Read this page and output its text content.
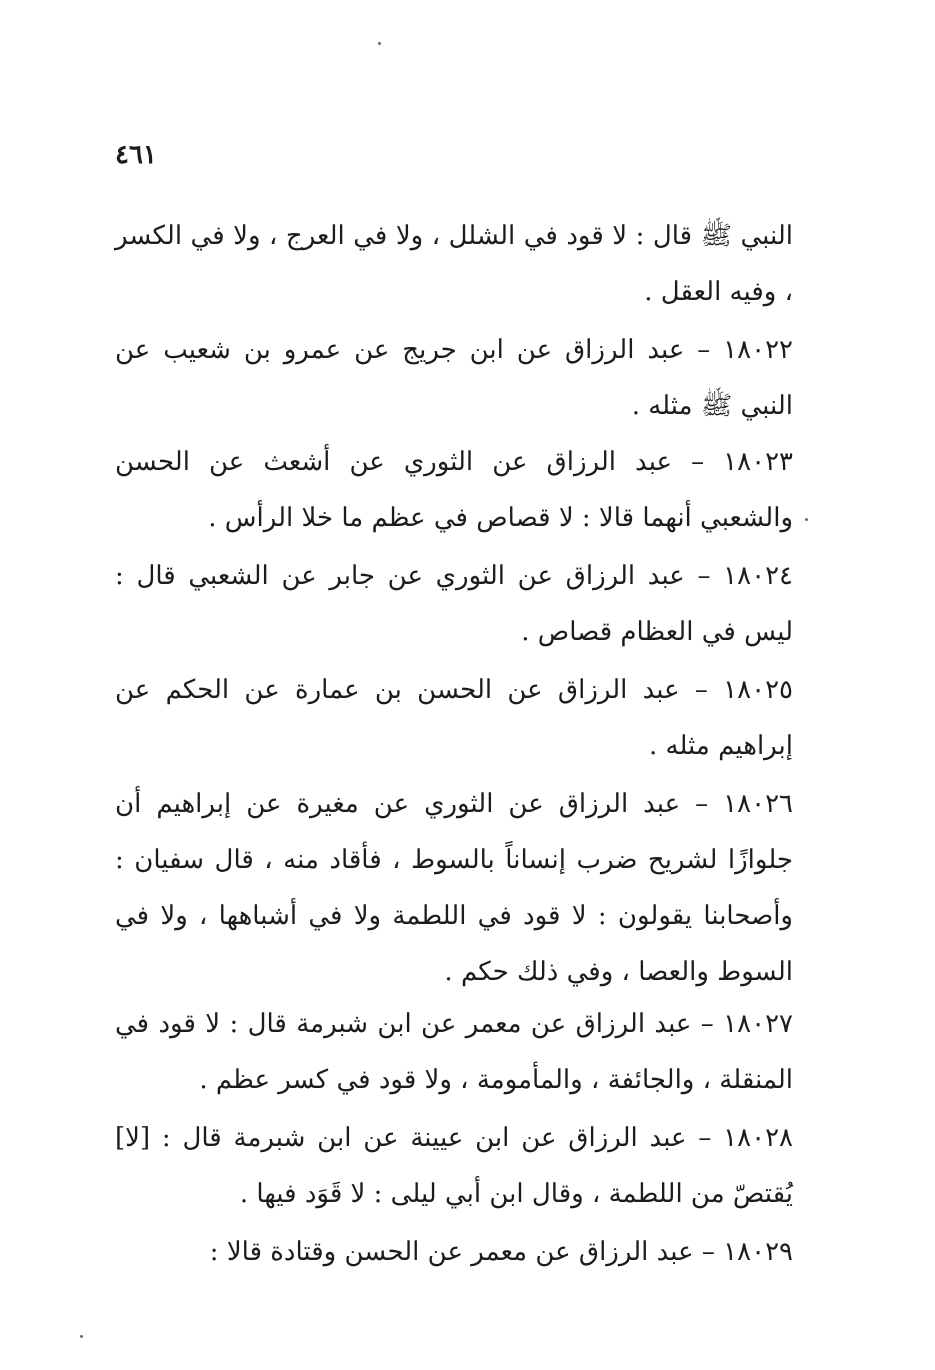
٤٦١

النبي ﷺ قال : لا قود في الشلل ، ولا في العرج ، ولا في الكسر ، وفيه العقل .

١٨٠٢٢ – عبد الرزاق عن ابن جريج عن عمرو بن شعيب عن النبي ﷺ مثله .

١٨٠٢٣ – عبد الرزاق عن الثوري عن أشعث عن الحسن والشعبي أنهما قالا : لا قصاص في عظم ما خلا الرأس .

١٨٠٢٤ – عبد الرزاق عن الثوري عن جابر عن الشعبي قال : ليس في العظام قصاص .

١٨٠٢٥ – عبد الرزاق عن الحسن بن عمارة عن الحكم عن إبراهيم مثله .

١٨٠٢٦ – عبد الرزاق عن الثوري عن مغيرة عن إبراهيم أن جلوازًا لشريح ضرب إنساناً بالسوط ، فأقاد منه ، قال سفيان : وأصحابنا يقولون : لا قود في اللطمة ولا في أشباهها ، ولا في السوط والعصا ، وفي ذلك حكم .

١٨٠٢٧ – عبد الرزاق عن معمر عن ابن شبرمة قال : لا قود في المنقلة ، والجائفة ، والمأمومة ، ولا قود في كسر عظم .

١٨٠٢٨ – عبد الرزاق عن ابن عيينة عن ابن شبرمة قال : [لا] يُقتصّ من اللطمة ، وقال ابن أبي ليلى : لا قَوَد فيها .

١٨٠٢٩ – عبد الرزاق عن معمر عن الحسن وقتادة قالا :
